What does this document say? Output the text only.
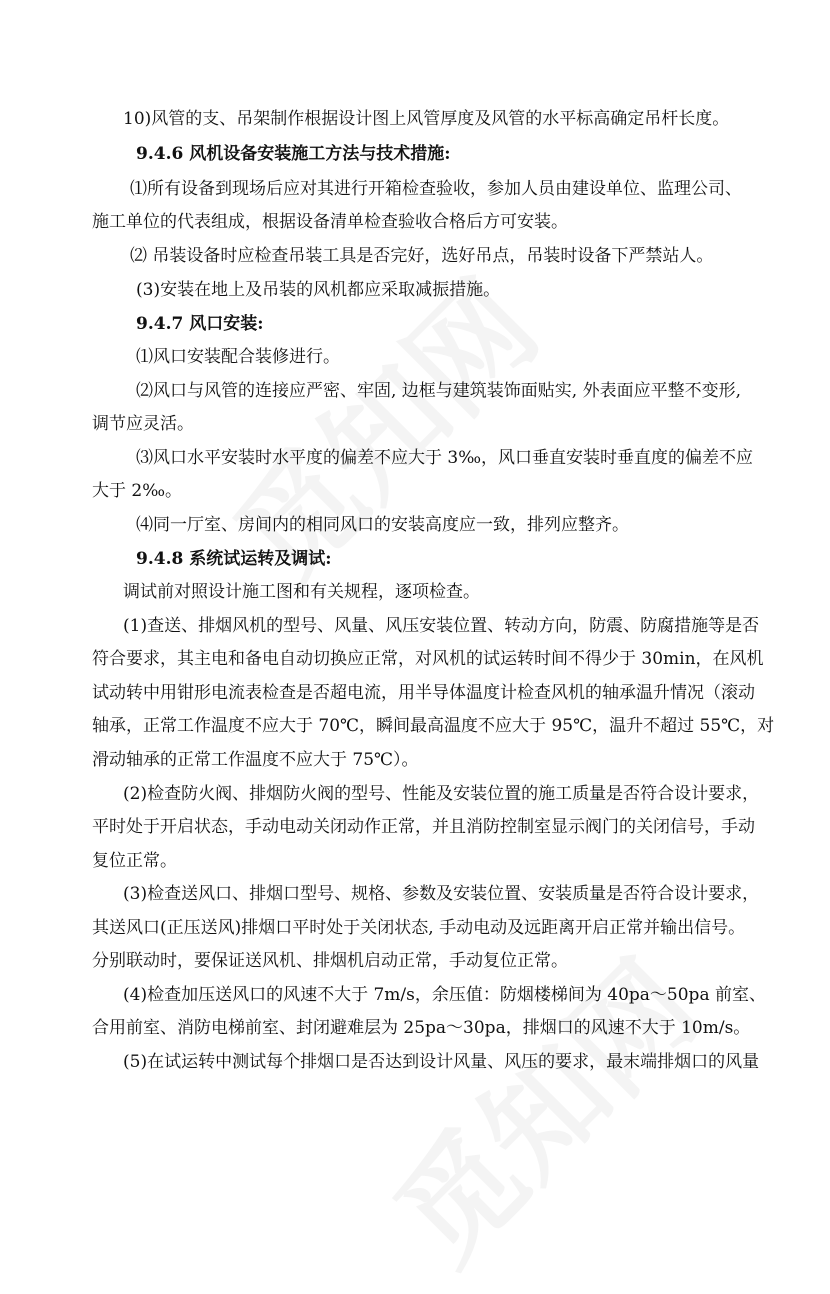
10)风管的支、吊架制作根据设计图上风管厚度及风管的水平标高确定吊杆长度。
9.4.6 风机设备安装施工方法与技术措施:
⑴所有设备到现场后应对其进行开箱检查验收，参加人员由建设单位、监理公司、
施工单位的代表组成，根据设备清单检查验收合格后方可安装。
⑵ 吊装设备时应检查吊装工具是否完好，选好吊点，吊装时设备下严禁站人。
(3)安装在地上及吊装的风机都应采取减振措施。
9.4.7 风口安装:
⑴风口安装配合装修进行。
⑵风口与风管的连接应严密、牢固, 边框与建筑装饰面贴实, 外表面应平整不变形,
调节应灵活。
⑶风口水平安装时水平度的偏差不应大于 3‰，风口垂直安装时垂直度的偏差不应
大于 2‰。
⑷同一厅室、房间内的相同风口的安装高度应一致，排列应整齐。
9.4.8 系统试运转及调试:
调试前对照设计施工图和有关规程，逐项检查。
(1)查送、排烟风机的型号、风量、风压安装位置、转动方向，防震、防腐措施等是否
符合要求，其主电和备电自动切换应正常，对风机的试运转时间不得少于 30min，在风机
试动转中用钳形电流表检查是否超电流，用半导体温度计检查风机的轴承温升情况（滚动
轴承，正常工作温度不应大于 70℃，瞬间最高温度不应大于 95℃，温升不超过 55℃，对
滑动轴承的正常工作温度不应大于 75℃）。
(2)检查防火阀、排烟防火阀的型号、性能及安装位置的施工质量是否符合设计要求，
平时处于开启状态，手动电动关闭动作正常，并且消防控制室显示阀门的关闭信号，手动
复位正常。
(3)检查送风口、排烟口型号、规格、参数及安装位置、安装质量是否符合设计要求，
其送风口(正压送风)排烟口平时处于关闭状态, 手动电动及远距离开启正常并输出信号。
分别联动时，要保证送风机、排烟机启动正常，手动复位正常。
(4)检查加压送风口的风速不大于 7m/s，余压值：防烟楼梯间为 40pa～50pa 前室、
合用前室、消防电梯前室、封闭避难层为 25pa～30pa，排烟口的风速不大于 10m/s。
(5)在试运转中测试每个排烟口是否达到设计风量、风压的要求，最末端排烟口的风量
